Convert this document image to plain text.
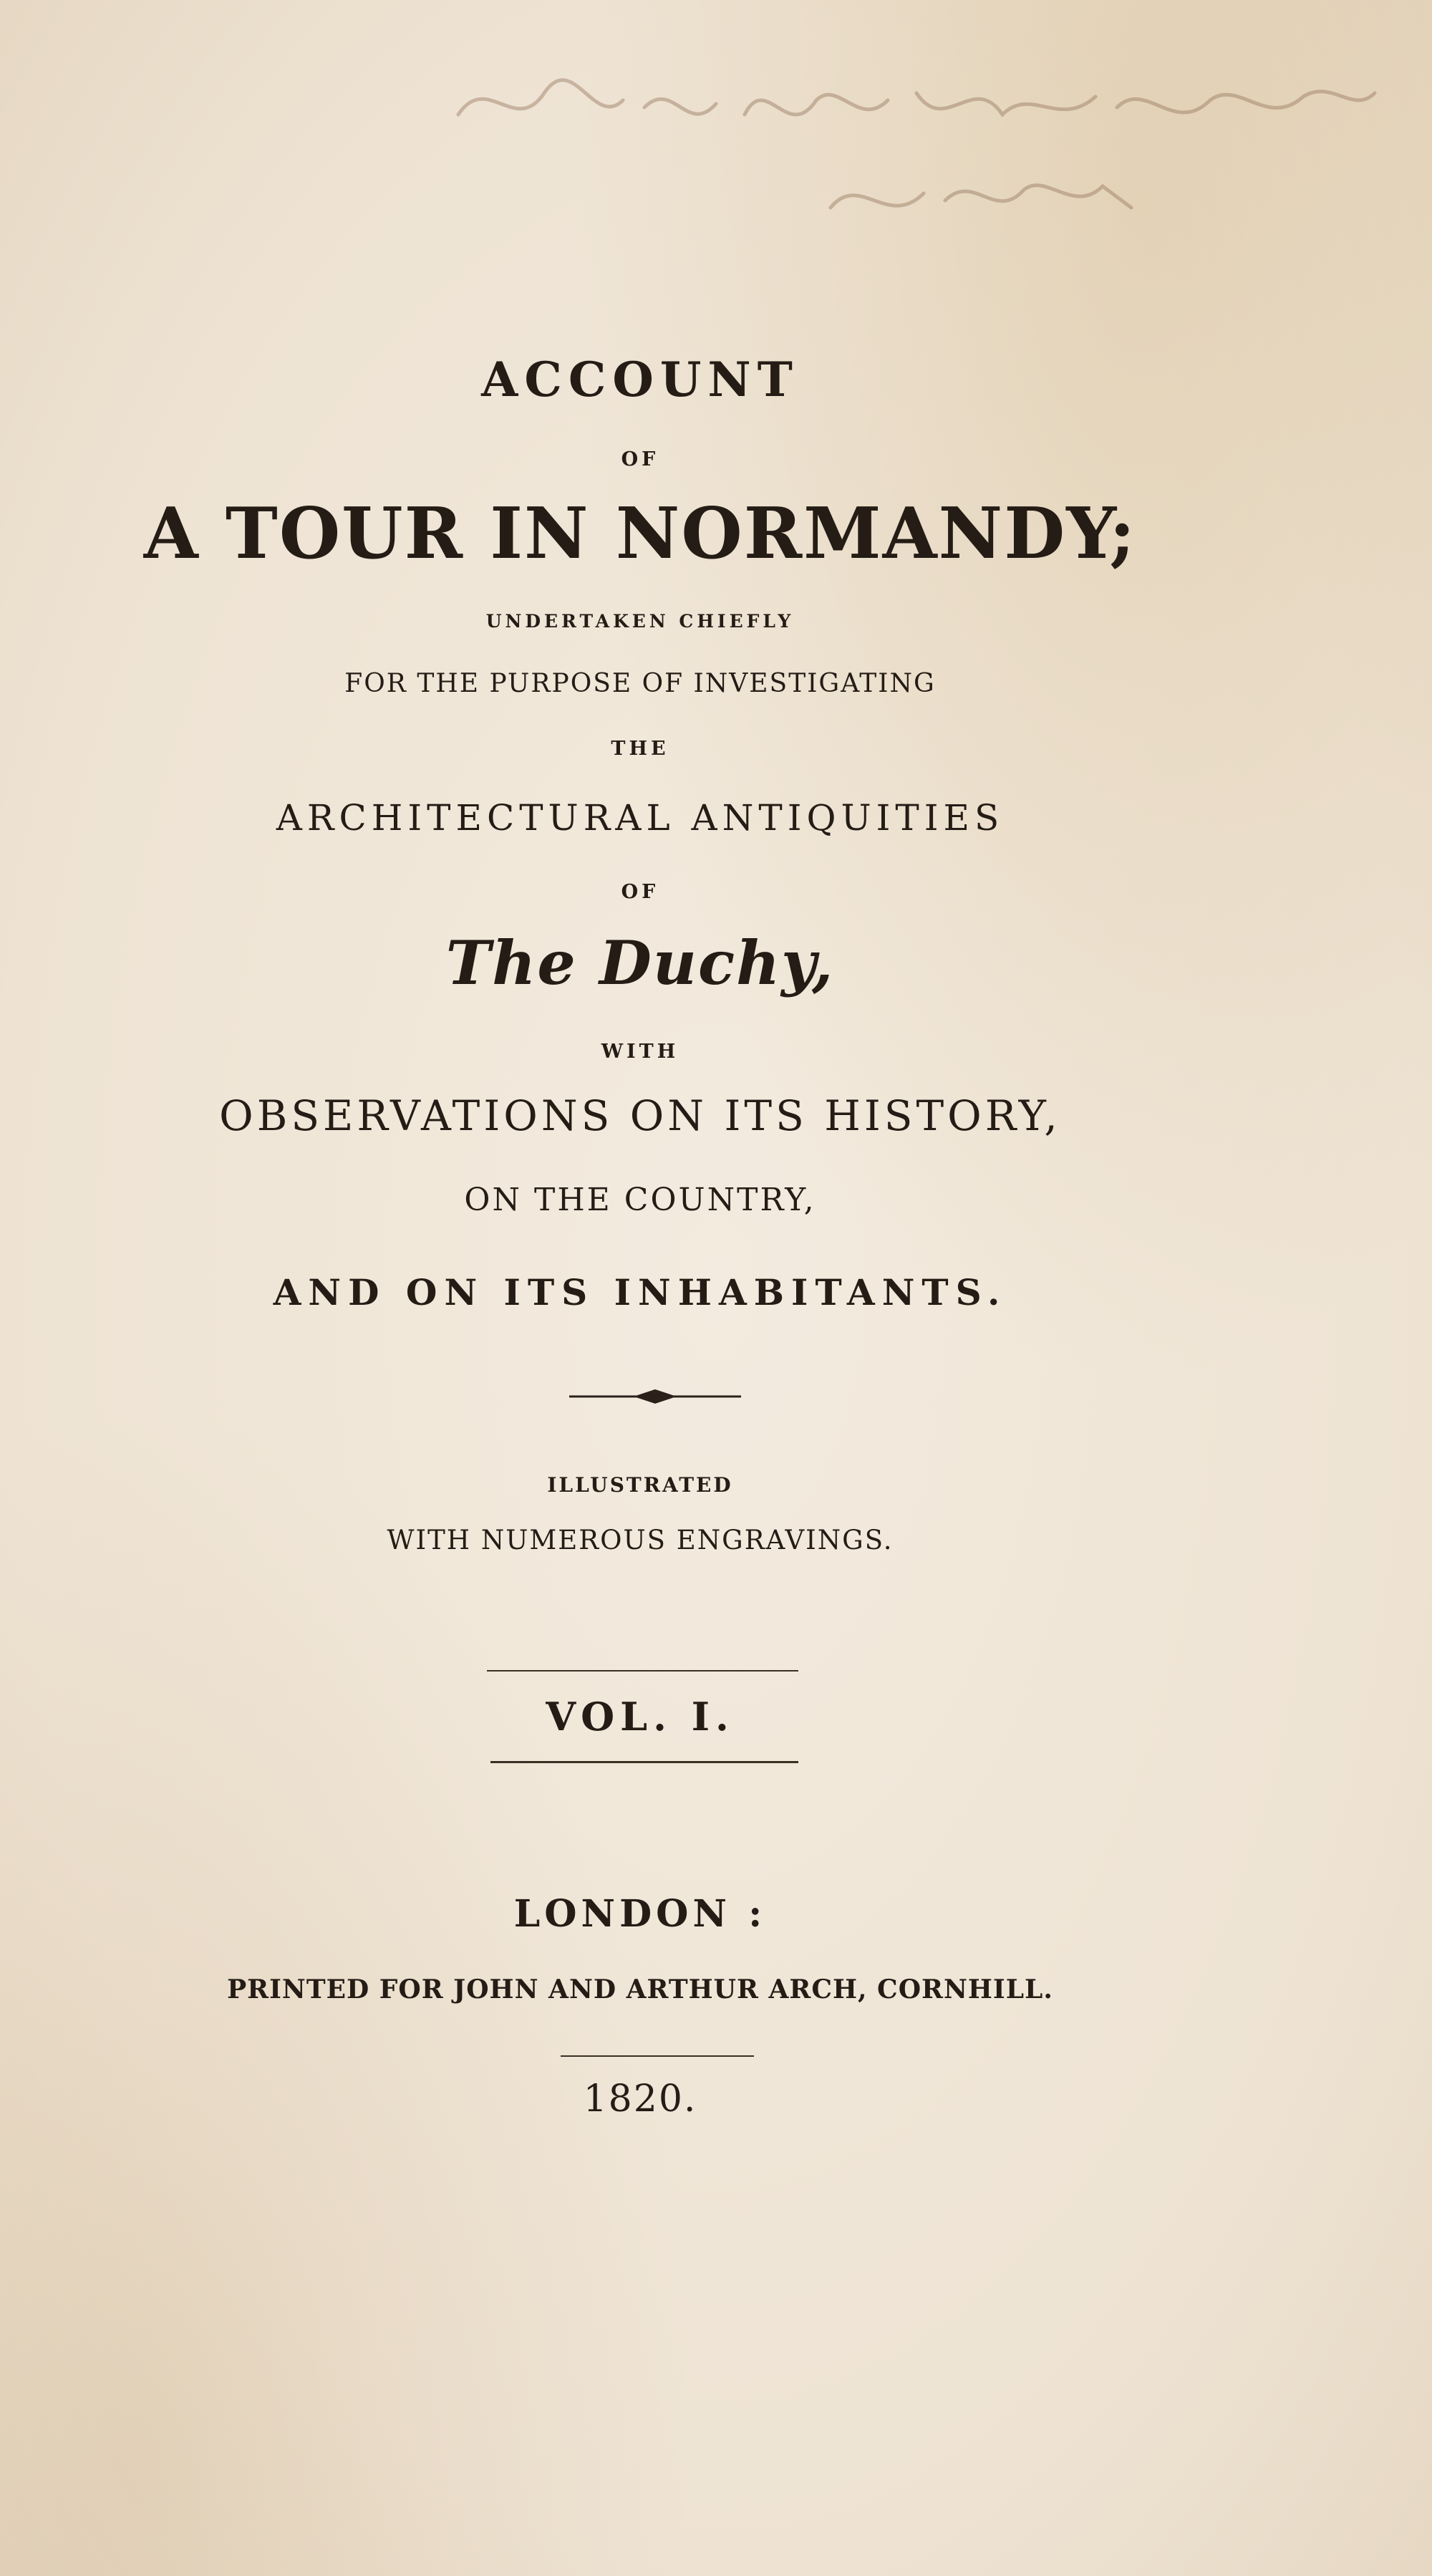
ACCOUNT
OF
A TOUR IN NORMANDY;
UNDERTAKEN CHIEFLY
FOR THE PURPOSE OF INVESTIGATING
THE
ARCHITECTURAL ANTIQUITIES
OF
The Duchy,
WITH
OBSERVATIONS ON ITS HISTORY,
ON THE COUNTRY,
AND ON ITS INHABITANTS.
ILLUSTRATED
WITH NUMEROUS ENGRAVINGS.
VOL. I.
LONDON :
PRINTED FOR JOHN AND ARTHUR ARCH, CORNHILL.
1820.
